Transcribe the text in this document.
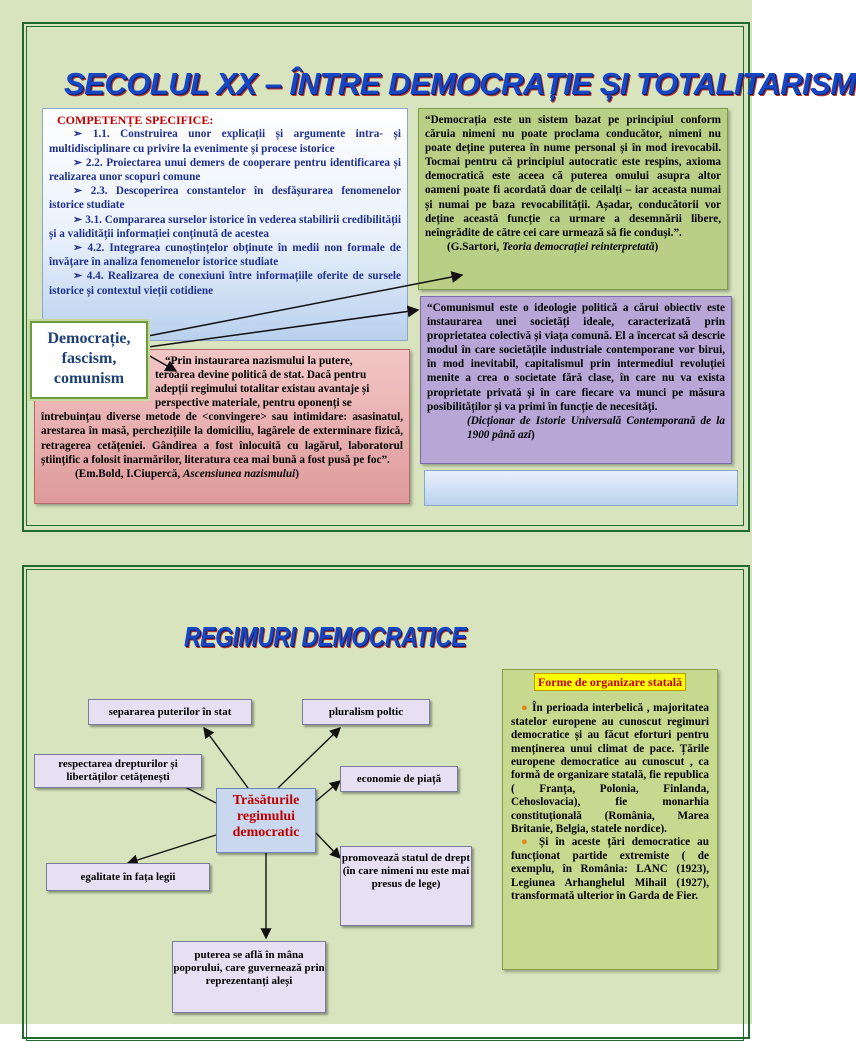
SECOLUL XX – ÎNTRE DEMOCRAȚIE ȘI TOTALITARISM
COMPETENȚE SPECIFICE:
➢ 1.1. Construirea unor explicații și argumente intra- și multidisciplinare cu privire la evenimente și procese istorice
➢ 2.2. Proiectarea unui demers de cooperare pentru identificarea și realizarea unor scopuri comune
➢ 2.3. Descoperirea constantelor în desfășurarea fenomenelor istorice studiate
➢ 3.1. Compararea surselor istorice în vederea stabilirii credibilității și a validității informației conținută de acestea
➢ 4.2. Integrarea cunoștințelor obținute în medii non formale de învățare în analiza fenomenelor istorice studiate
➢ 4.4. Realizarea de conexiuni între informațiile oferite de sursele istorice și contextul vieții cotidiene
“Democrația este un sistem bazat pe principiul conform căruia nimeni nu poate proclama conducător, nimeni nu poate deține puterea în nume personal și în mod irevocabil. Tocmai pentru că principiul autocratic este respins, axioma democratică este aceea că puterea omului asupra altor oameni poate fi acordată doar de ceilalți – iar aceasta numai și numai pe baza revocabilității. Așadar, conducătorii vor deține această funcție ca urmare a desemnării libere, neîngrădite de către cei care urmează să fie conduși.”.
(G.Sartori, Teoria democrației reinterpretată)
“Comunismul este o ideologie politică a cărui obiectiv este instaurarea unei societăți ideale, caracterizată prin proprietatea colectivă și viața comună. El a încercat să descrie modul în care societățile industriale contemporane vor birui, în mod inevitabil, capitalismul prin intermediul revoluției menite a crea o societate fără clase, în care nu va exista proprietate privată și în care fiecare va munci pe măsura posibilităților și va primi în funcție de necesități.
(Dicționar de Istorie Universală Contemporană de la 1900 până azi)
“Prin instaurarea nazismului la putere,
teroarea devine politică de stat. Dacă pentru
adepții regimului totalitar existau avantaje și
perspective materiale, pentru oponenți se
întrebuințau diverse metode de <convingere> sau intimidare: asasinatul, arestarea în masă, perchezițiile la domiciliu, lagărele de exterminare fizică, retragerea cetățeniei. Gândirea a fost înlocuită cu lagărul, laboratorul științific a folosit înarmărilor, literatura cea mai bună a fost pusă pe foc”.
(Em.Bold, I.Ciupercă, Ascensiunea nazismului)
Democrație, fascism, comunism
REGIMURI DEMOCRATICE
Trăsăturile regimului democratic
separarea puterilor în stat	pluralism poltic
respectarea drepturilor și libertăților cetățenești	economie de piață
egalitate în fața legii
promovează statul de drept (în care nimeni nu este mai presus de lege)
puterea se află în mâna poporului, care guvernează prin reprezentanți aleși
Forme de organizare statală
● În perioada interbelică , majoritatea statelor europene au cunoscut regimuri democratice și au făcut eforturi pentru menținerea unui climat de pace. Țările europene democratice au cunoscut , ca formă de organizare statală, fie republica ( Franța, Polonia, Finlanda, Cehoslovacia), fie monarhia constituțională (România, Marea Britanie, Belgia, statele nordice).
● Și în aceste țări democratice au funcționat partide extremiste ( de exemplu, în România: LANC (1923), Legiunea Arhanghelul Mihail (1927), transformată ulterior în Garda de Fier.
